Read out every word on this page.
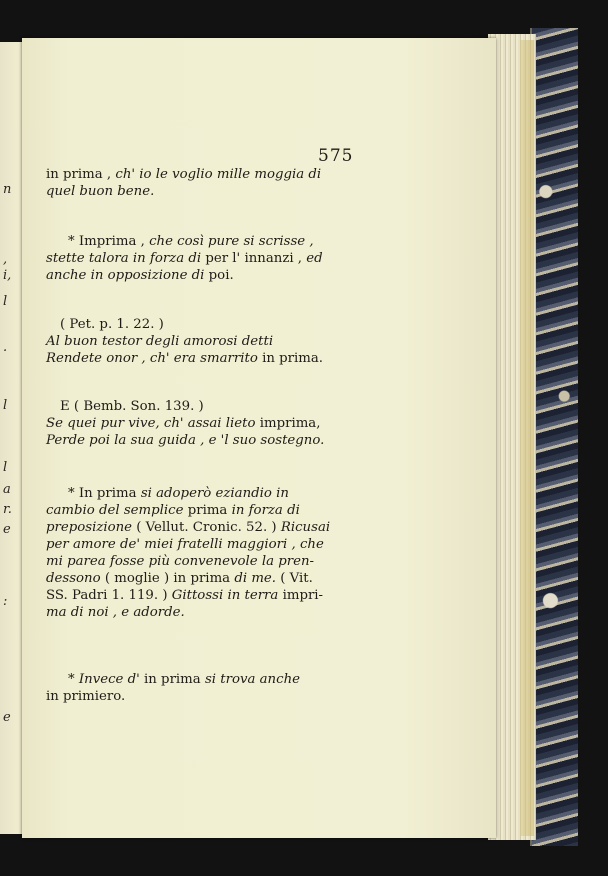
n
,
i,
l
.
l
l
a
r.
e
:
e
575

in prima , ch' io le voglio mille moggia di

quel buon bene.

* Imprima , che così pure si scrisse ,

stette talora in forza di per l' innanzi , ed

anche in opposizione di poi.

( Pet. p. 1. 22. )

Al buon testor degli amorosi detti

Rendete onor , ch' era smarrito in prima.

E ( Bemb. Son. 139. )

Se quei pur vive, ch' assai lieto imprima,

Perde poi la sua guida , e 'l suo sostegno.

* In prima si adoperò eziandio in

cambio del semplice prima in forza di

preposizione ( Vellut. Cronic. 52. ) Ricusai

per amore de' miei fratelli maggiori , che

mi parea fosse più convenevole la pren-

dessono ( moglie ) in prima di me. ( Vit.

SS. Padri 1. 119. ) Gittossi in terra impri-

ma di noi , e adorde.

* Invece d' in prima si trova anche

in primiero.
